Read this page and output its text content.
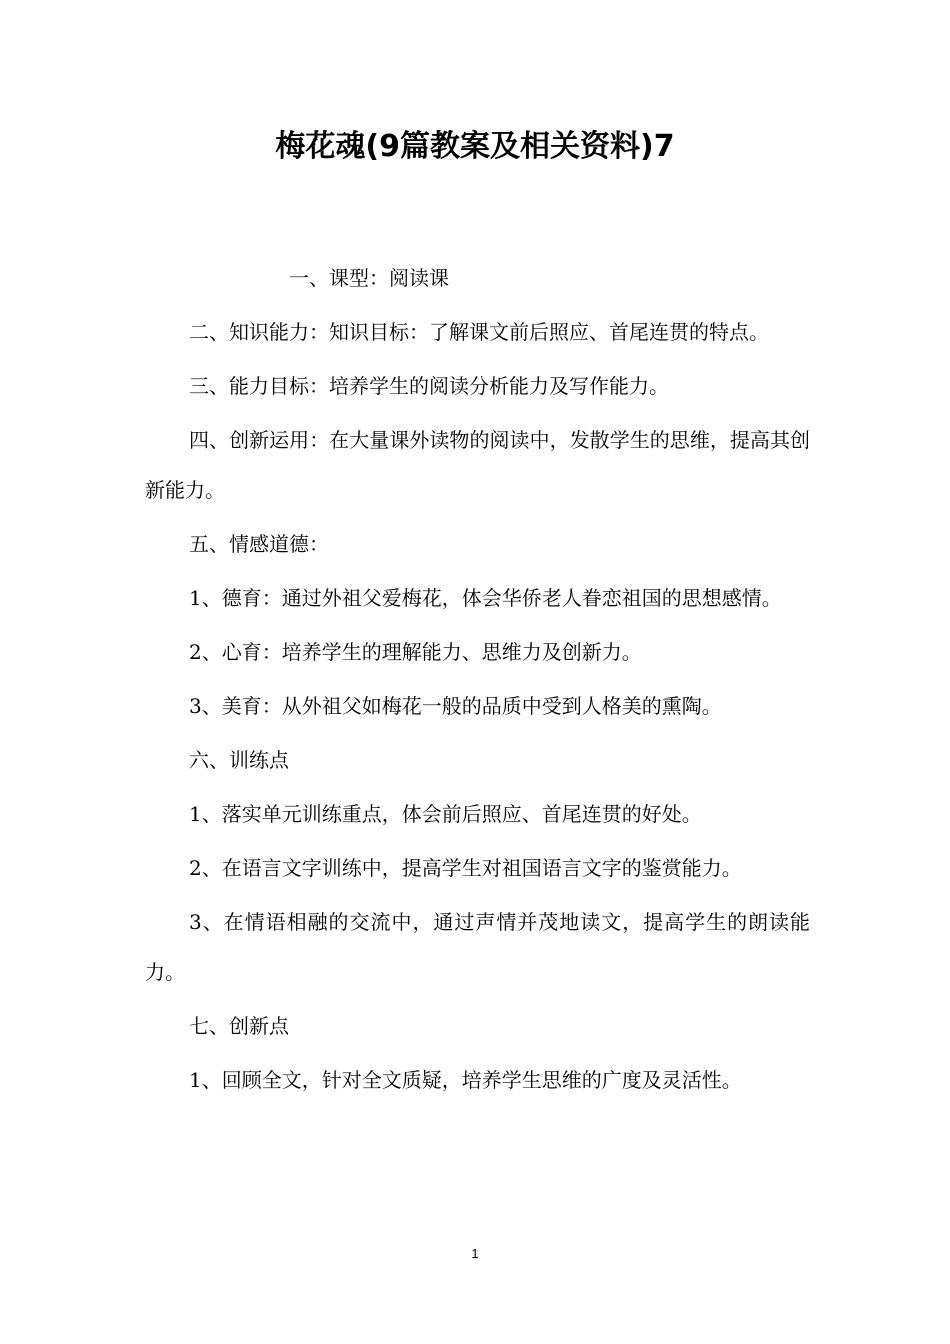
梅花魂(9篇教案及相关资料)7

一、课型：阅读课

二、知识能力：知识目标：了解课文前后照应、首尾连贯的特点。

三、能力目标：培养学生的阅读分析能力及写作能力。

四、创新运用：在大量课外读物的阅读中，发散学生的思维，提高其创新能力。

五、情感道德：

1、德育：通过外祖父爱梅花，体会华侨老人眷恋祖国的思想感情。

2、心育：培养学生的理解能力、思维力及创新力。

3、美育：从外祖父如梅花一般的品质中受到人格美的熏陶。

六、训练点

1、落实单元训练重点，体会前后照应、首尾连贯的好处。

2、在语言文字训练中，提高学生对祖国语言文字的鉴赏能力。

3、在情语相融的交流中，通过声情并茂地读文，提高学生的朗读能力。

七、创新点

1、回顾全文，针对全文质疑，培养学生思维的广度及灵活性。

1
